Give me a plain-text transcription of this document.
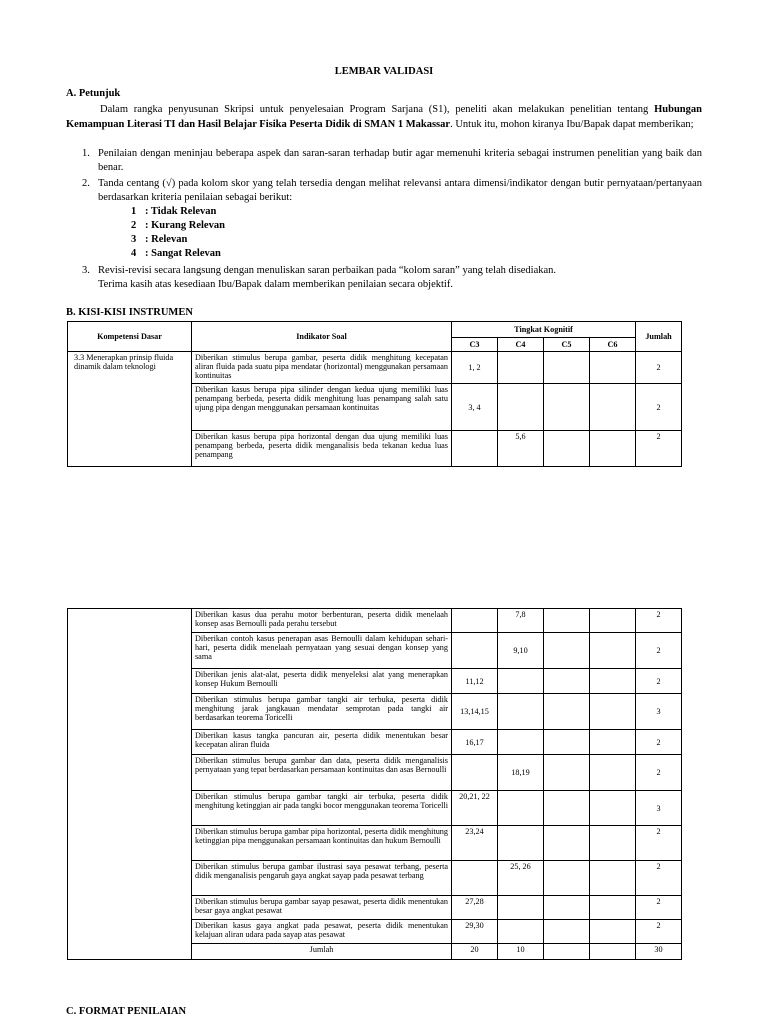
LEMBAR VALIDASI
A. Petunjuk
Dalam rangka penyusunan Skripsi untuk penyelesaian Program Sarjana (S1), peneliti akan melakukan penelitian tentang Hubungan Kemampuan Literasi TI dan Hasil Belajar Fisika Peserta Didik di SMAN 1 Makassar. Untuk itu, mohon kiranya Ibu/Bapak dapat memberikan;
1. Penilaian dengan meninjau beberapa aspek dan saran-saran terhadap butir agar memenuhi kriteria sebagai instrumen penelitian yang baik dan benar.
2. Tanda centang (√) pada kolom skor yang telah tersedia dengan melihat relevansi antara dimensi/indikator dengan butir pernyataan/pertanyaan berdasarkan kriteria penilaian sebagai berikut:
1 : Tidak Relevan
2 : Kurang Relevan
3 : Relevan
4 : Sangat Relevan
3. Revisi-revisi secara langsung dengan menuliskan saran perbaikan pada “kolom saran” yang telah disediakan.
Terima kasih atas kesediaan Ibu/Bapak dalam memberikan penilaian secara objektif.
B. KISI-KISI INSTRUMEN
Kompetensi Dasar	Indikator Soal	Tingkat Kognitif				Jumlah
		C3	C4	C5	C6	
3.3 Menerapkan prinsip fluida dinamik dalam teknologi	Diberikan stimulus berupa gambar, peserta didik menghitung kecepatan aliran fluida pada suatu pipa mendatar (horizontal) menggunakan persamaan kontinuitas	1, 2				2
	Diberikan kasus berupa pipa silinder dengan kedua ujung memiliki luas penampang berbeda, peserta didik menghitung luas penampang salah satu ujung pipa dengan menggunakan persamaan kontinuitas	3, 4				2
	Diberikan kasus berupa pipa horizontal dengan dua ujung memiliki luas penampang berbeda, peserta didik menganalisis beda tekanan kedua luas penampang		5,6			2
	Diberikan kasus dua perahu motor berbenturan, peserta didik menelaah konsep asas Bernoulli pada perahu tersebut		7,8			2
	Diberikan contoh kasus penerapan asas Bernoulli dalam kehidupan sehari-hari, peserta didik menelaah pernyataan yang sesuai dengan konsep yang sama		9,10			2
	Diberikan jenis alat-alat, peserta didik menyeleksi alat yang menerapkan konsep Hukum Bernoulli	11,12				2
	Diberikan stimulus berupa gambar tangki air terbuka, peserta didik menghitung jarak jangkauan mendatar semprotan pada tangki air berdasarkan teorema Toricelli	13,14,15				3
	Diberikan kasus tangka pancuran air, peserta didik menentukan besar kecepatan aliran fluida	16,17				2
	Diberikan stimulus berupa gambar dan data, peserta didik menganalisis pernyataan yang tepat berdasarkan persamaan kontinuitas dan asas Bernoulli		18,19			2
	Diberikan stimulus berupa gambar tangki air terbuka, peserta didik menghitung ketinggian air pada tangki bocor menggunakan teorema Toricelli	20,21, 22				3
	Diberikan stimulus berupa gambar pipa horizontal, peserta didik menghitung ketinggian pipa menggunakan persamaan kontinuitas dan hukum Bernoulli	23,24				2
	Diberikan stimulus berupa gambar ilustrasi saya pesawat terbang, peserta didik menganalisis pengaruh gaya angkat sayap pada pesawat terbang		25, 26			2
	Diberikan stimulus berupa gambar sayap pesawat, peserta didik menentukan besar gaya angkat pesawat	27,28				2
	Diberikan kasus gaya angkat pada pesawat, peserta didik menentukan kelajuan aliran udara pada sayap atas pesawat	29,30				2
	Jumlah	20	10			30
C. FORMAT PENILAIAN
